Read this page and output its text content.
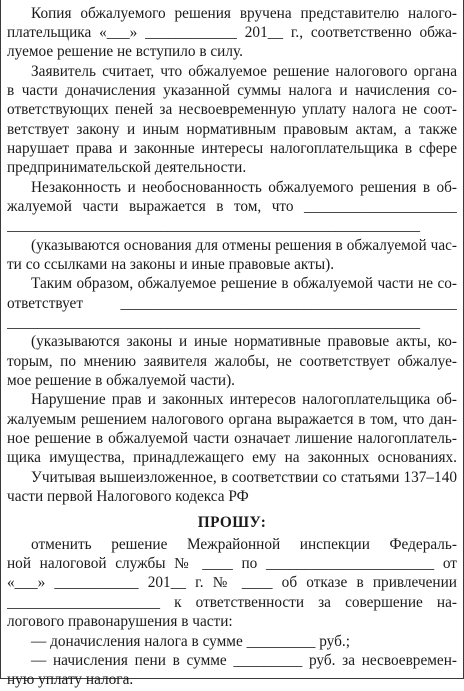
Копия обжалуемого решения вручена представителю налого-
плательщика «___» ____________ 201__ г., соответственно обжа-
луемое решение не вступило в силу.
Заявитель считает, что обжалуемое решение налогового органа
в части доначисления указанной суммы налога и начисления со-
ответствующих пеней за несвоевременную уплату налога не соот-
ветствует закону и иным нормативным правовым актам, а также
нарушает права и законные интересы налогоплательщика в сфере
предпринимательской деятельности.
Незаконность и необоснованность обжалуемого решения в об-
жалуемой части выражается в том, что ____________________
______________________________________________________
(указываются основания для отмены решения в обжалуемой час-
ти со ссылками на законы и иные правовые акты).
Таким образом, обжалуемое решение в обжалуемой части не со-
ответствует ____________________________________________
______________________________________________________
(указываются законы и иные нормативные правовые акты, ко-
торым, по мнению заявителя жалобы, не соответствует обжалуе-
мое решение в обжалуемой части).
Нарушение прав и законных интересов налогоплательщика об-
жалуемым решением налогового органа выражается в том, что дан-
ное решение в обжалуемой части означает лишение налогоплатель-
щика имущества, принадлежащего ему на законных основаниях.
Учитывая вышеизложенное, в соответствии со статьями 137–140
части первой Налогового кодекса РФ
ПРОШУ:
отменить решение Межрайонной инспекции Федераль-
ной налоговой службы № ____ по ______________________ от
«___» ___________ 201__ г. № ____ об отказе в привлечении
____________________ к ответственности за совершение на-
логового правонарушения в части:
— доначисления налога в сумме _________ руб.;
— начисления пени в сумме _________ руб. за несвоевремен-
ную уплату налога.
